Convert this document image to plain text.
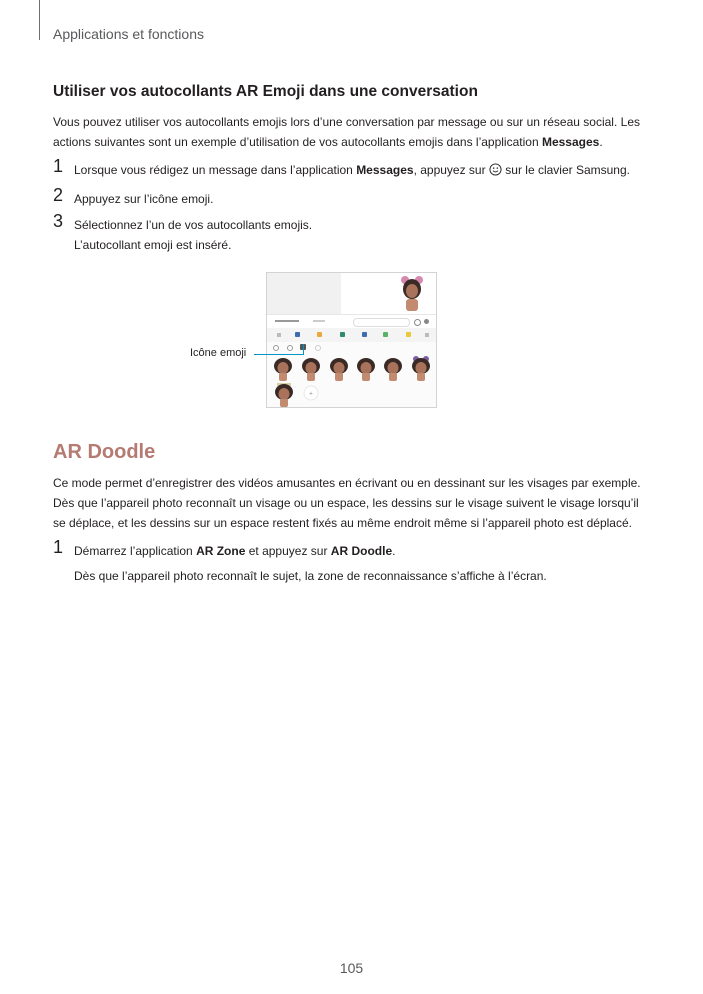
Applications et fonctions
Utiliser vos autocollants AR Emoji dans une conversation
Vous pouvez utiliser vos autocollants emojis lors d’une conversation par message ou sur un réseau social. Les
actions suivantes sont un exemple d’utilisation de vos autocollants emojis dans l’application Messages.
1 Lorsque vous rédigez un message dans l’application Messages, appuyez sur  sur le clavier Samsung.
2 Appuyez sur l’icône emoji.
3 Sélectionnez l’un de vos autocollants emojis.
L’autocollant emoji est inséré.
+
Icône emoji
AR Doodle
Ce mode permet d’enregistrer des vidéos amusantes en écrivant ou en dessinant sur les visages par exemple.
Dès que l’appareil photo reconnaît un visage ou un espace, les dessins sur le visage suivent le visage lorsqu’il
se déplace, et les dessins sur un espace restent fixés au même endroit même si l’appareil photo est déplacé.
1 Démarrez l’application AR Zone et appuyez sur AR Doodle.
Dès que l’appareil photo reconnaît le sujet, la zone de reconnaissance s’affiche à l’écran.
105
